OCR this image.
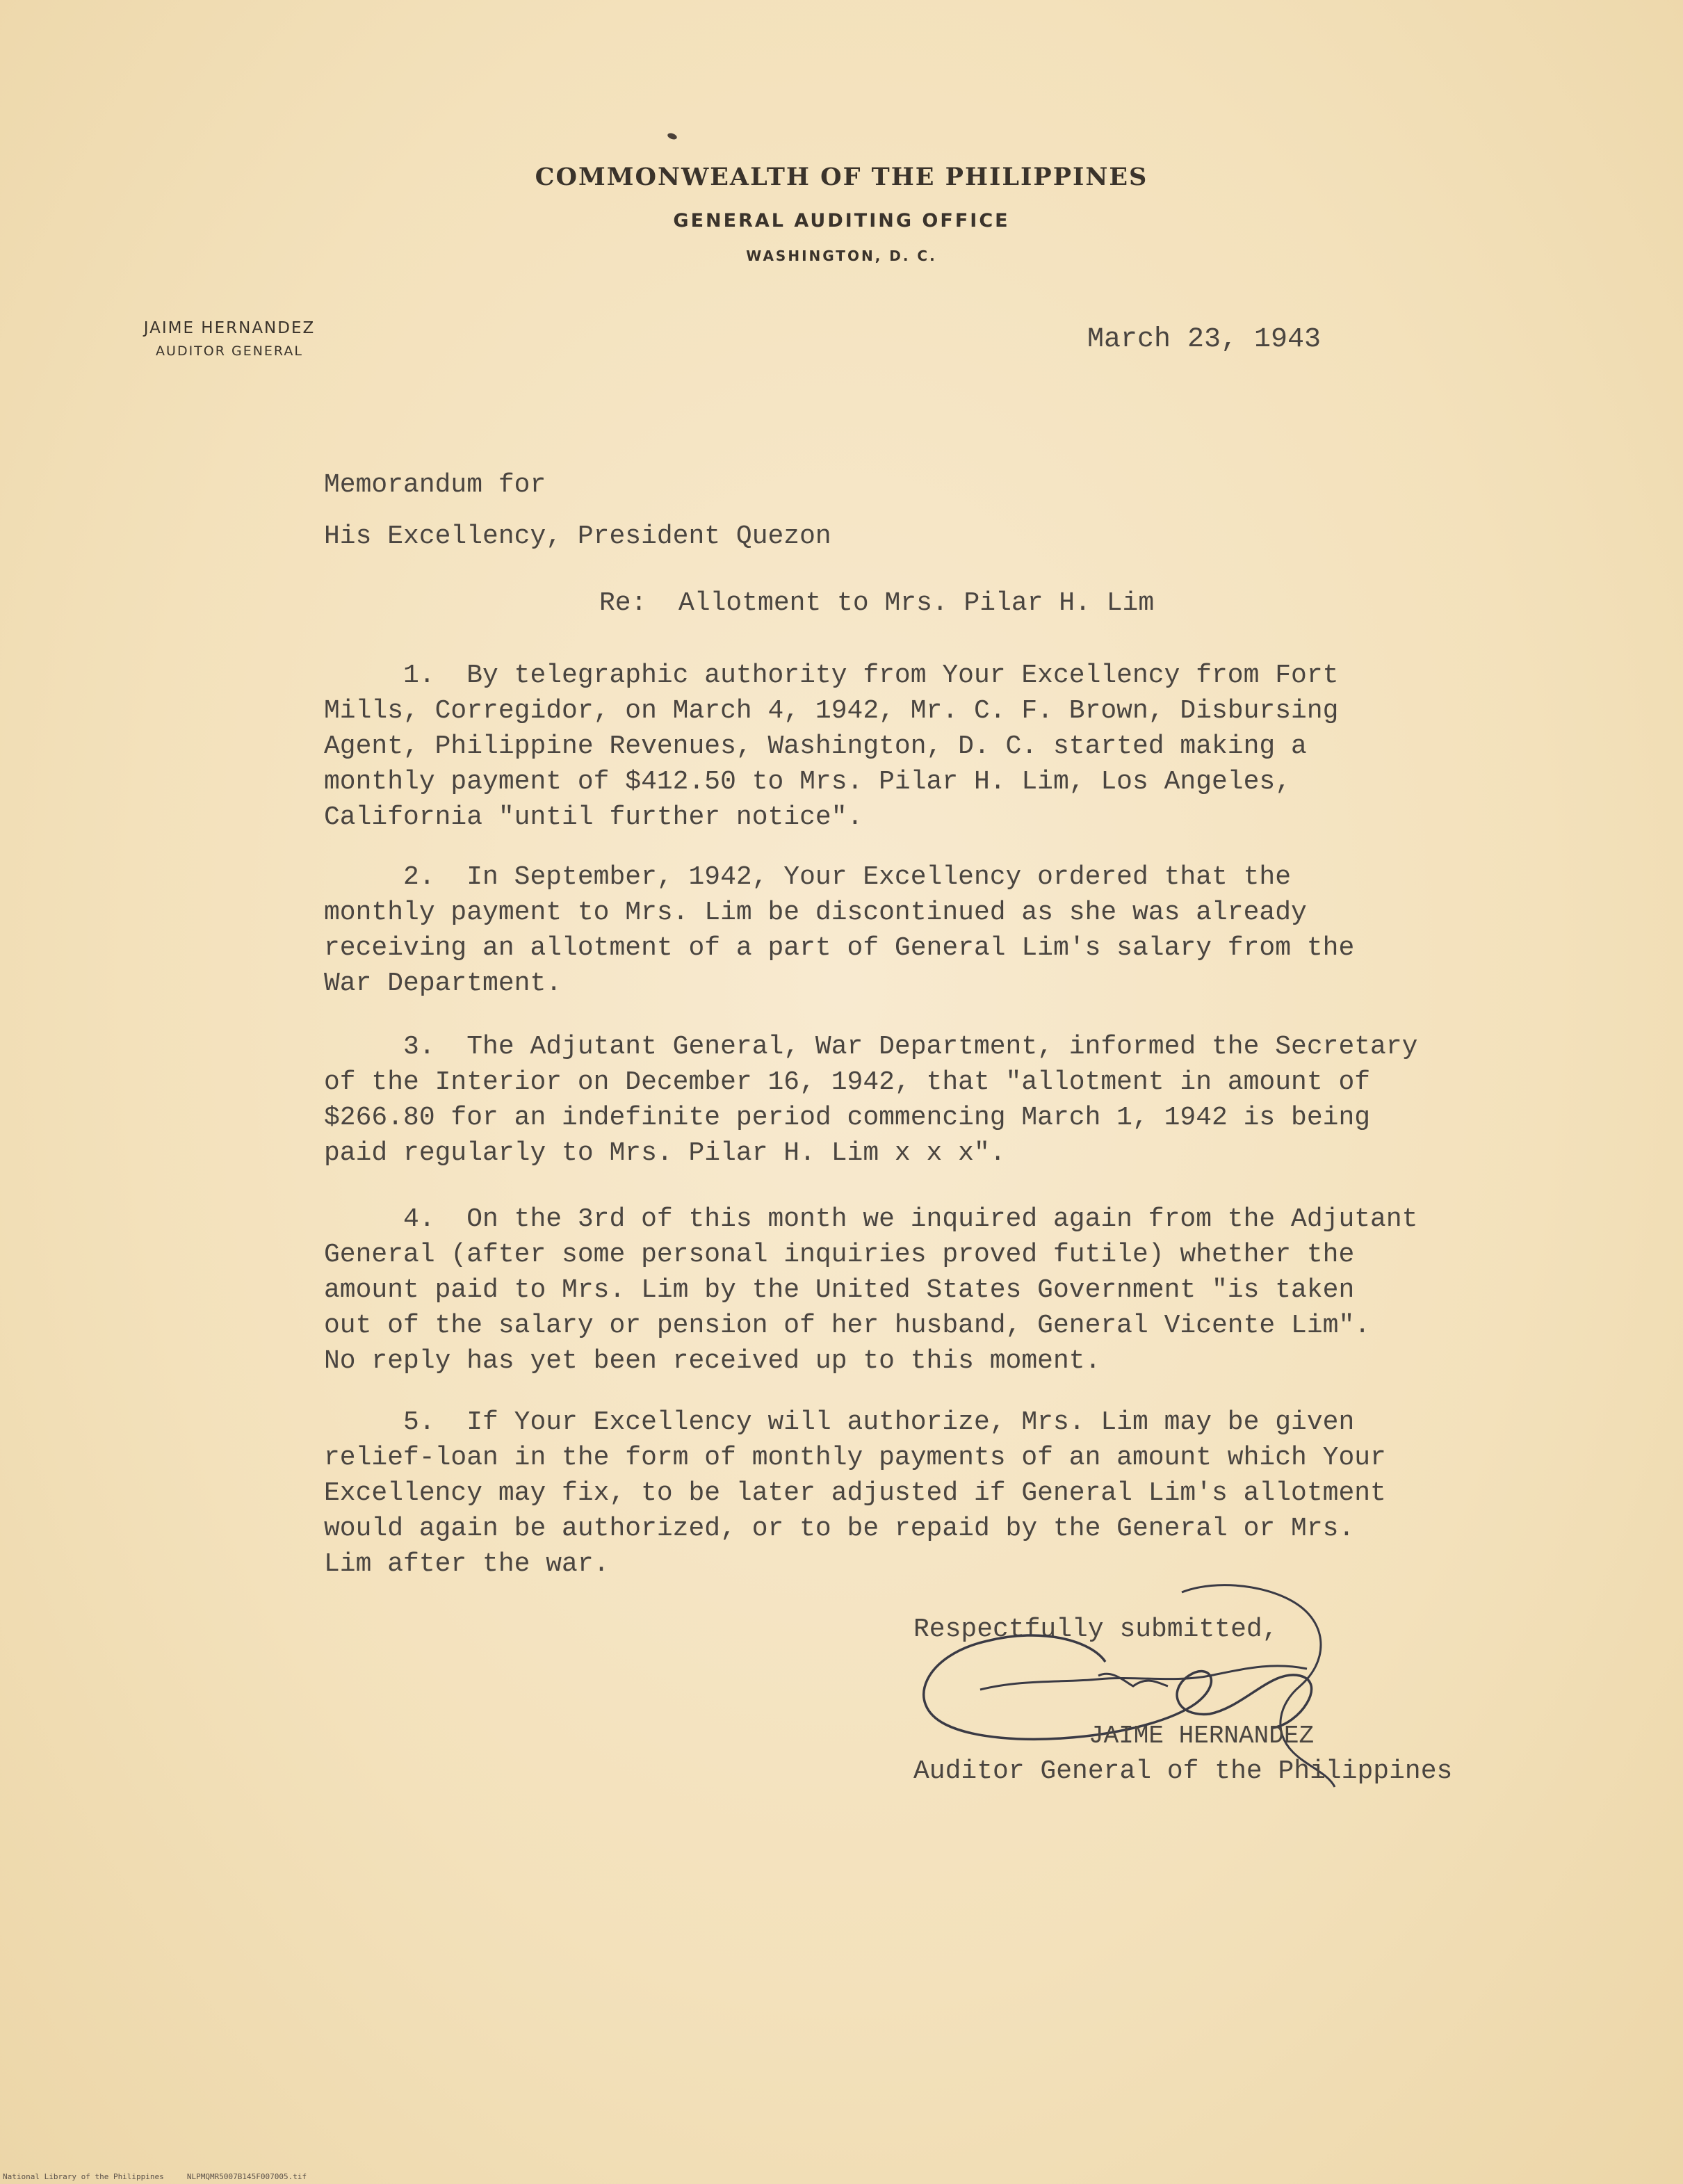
COMMONWEALTH OF THE PHILIPPINES
GENERAL AUDITING OFFICE
WASHINGTON, D. C.
JAIME HERNANDEZ
AUDITOR GENERAL	March 23, 1943
Memorandum for
His Excellency, President Quezon
Re:  Allotment to Mrs. Pilar H. Lim
1.  By telegraphic authority from Your Excellency from Fort
Mills, Corregidor, on March 4, 1942, Mr. C. F. Brown, Disbursing
Agent, Philippine Revenues, Washington, D. C. started making a
monthly payment of $412.50 to Mrs. Pilar H. Lim, Los Angeles,
California "until further notice".
2.  In September, 1942, Your Excellency ordered that the
monthly payment to Mrs. Lim be discontinued as she was already
receiving an allotment of a part of General Lim's salary from the
War Department.
3.  The Adjutant General, War Department, informed the Secretary
of the Interior on December 16, 1942, that "allotment in amount of
$266.80 for an indefinite period commencing March 1, 1942 is being
paid regularly to Mrs. Pilar H. Lim x x x".
4.  On the 3rd of this month we inquired again from the Adjutant
General (after some personal inquiries proved futile) whether the
amount paid to Mrs. Lim by the United States Government "is taken
out of the salary or pension of her husband, General Vicente Lim".
No reply has yet been received up to this moment.
5.  If Your Excellency will authorize, Mrs. Lim may be given
relief-loan in the form of monthly payments of an amount which Your
Excellency may fix, to be later adjusted if General Lim's allotment
would again be authorized, or to be repaid by the General or Mrs.
Lim after the war.
Respectfully submitted,
JAIME HERNANDEZ
Auditor General of the Philippines
National Library of the Philippines     NLPMQMR5007B145F007005.tif
